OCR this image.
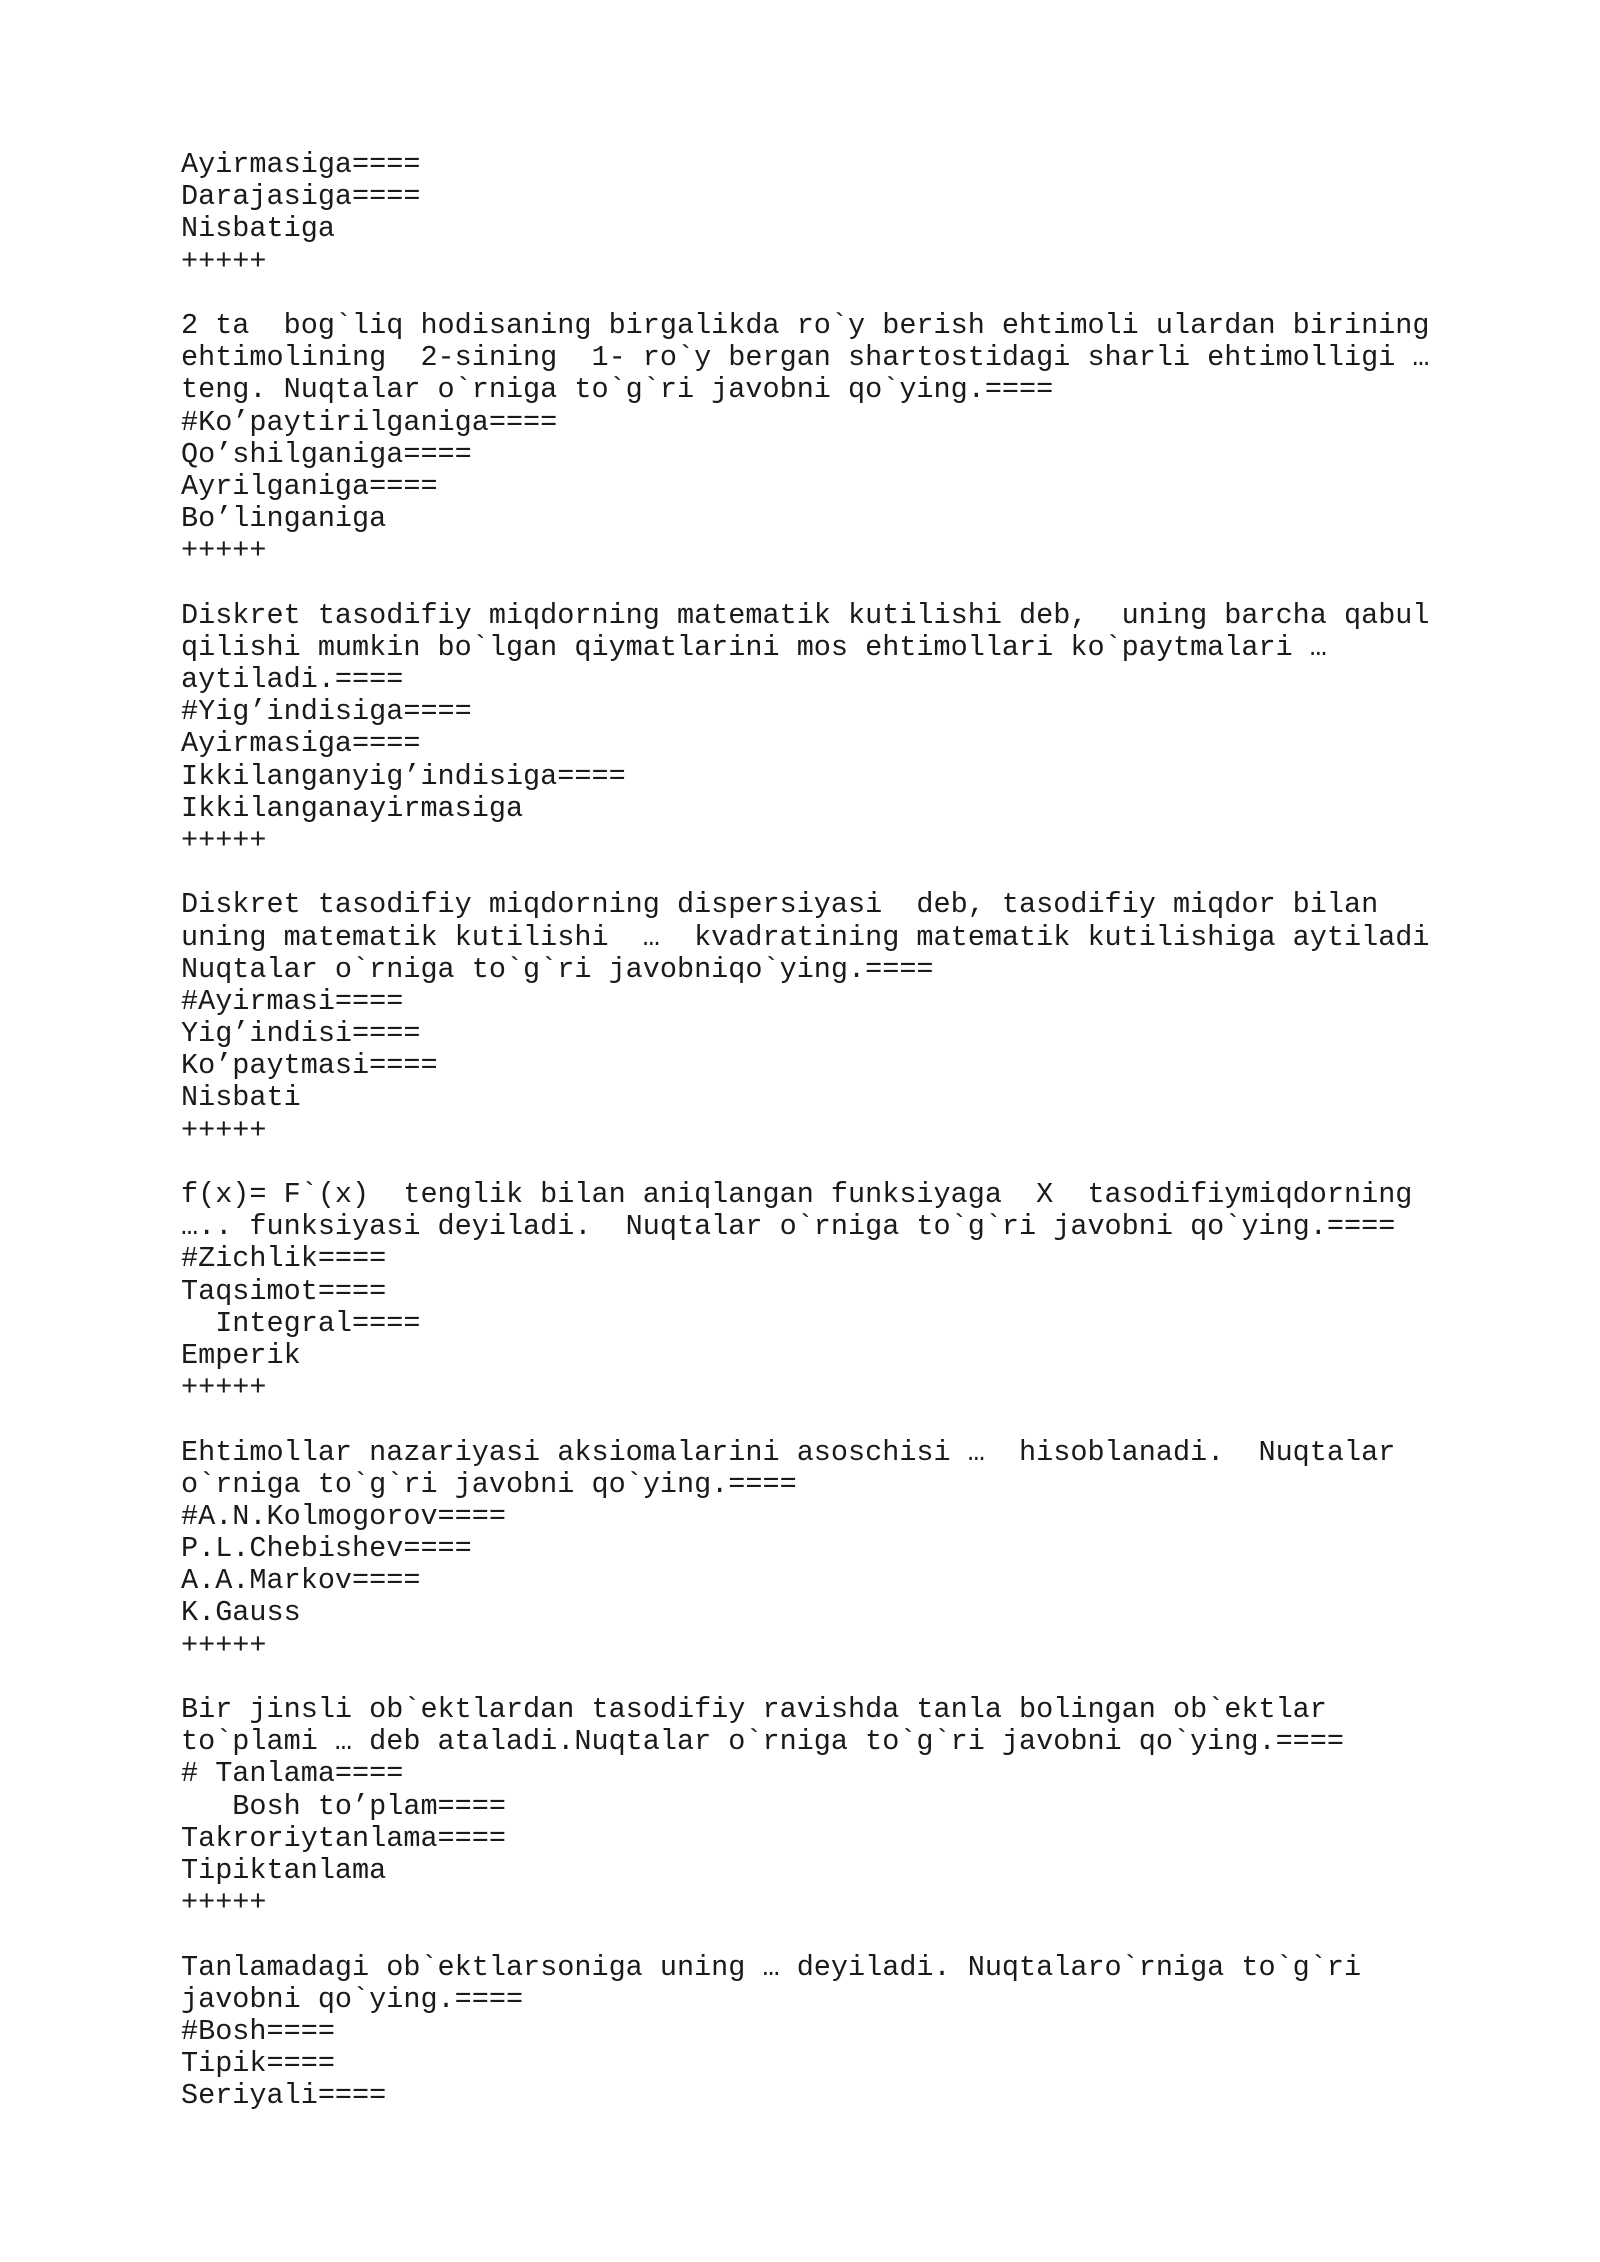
Ayirmasiga====
Darajasiga====
Nisbatiga
+++++
2 ta  bog`liq hodisaning birgalikda ro`y berish ehtimoli ulardan birining
ehtimolining  2-sining  1- ro`y bergan shartostidagi sharli ehtimolligi …
teng. Nuqtalar o`rniga to`g`ri javobni qo`ying.====
#Ko’paytirilganiga====
Qo’shilganiga====
Ayrilganiga====
Bo’linganiga
+++++
Diskret tasodifiy miqdorning matematik kutilishi deb,  uning barcha qabul
qilishi mumkin bo`lgan qiymatlarini mos ehtimollari ko`paytmalari …
aytiladi.====
#Yig’indisiga====
Ayirmasiga====
Ikkilanganyig’indisiga====
Ikkilanganayirmasiga
+++++
Diskret tasodifiy miqdorning dispersiyasi  deb, tasodifiy miqdor bilan
uning matematik kutilishi  …  kvadratining matematik kutilishiga aytiladi
Nuqtalar o`rniga to`g`ri javobniqo`ying.====
#Ayirmasi====
Yig’indisi====
Ko’paytmasi====
Nisbati
+++++
f(x)= F`(x)  tenglik bilan aniqlangan funksiyaga  X  tasodifiymiqdorning
….. funksiyasi deyiladi.  Nuqtalar o`rniga to`g`ri javobni qo`ying.====
#Zichlik====
Taqsimot====
Integral====
Emperik
+++++
Ehtimollar nazariyasi aksiomalarini asoschisi …  hisoblanadi.  Nuqtalar
o`rniga to`g`ri javobni qo`ying.====
#A.N.Kolmogorov====
P.L.Chebishev====
A.A.Markov====
K.Gauss
+++++
Bir jinsli ob`ektlardan tasodifiy ravishda tanla bolingan ob`ektlar
to`plami … deb ataladi.Nuqtalar o`rniga to`g`ri javobni qo`ying.====
# Tanlama====
Bosh to’plam====
Takroriytanlama====
Tipiktanlama
+++++
Tanlamadagi ob`ektlarsoniga uning … deyiladi. Nuqtalaro`rniga to`g`ri
javobni qo`ying.====
#Bosh====
Tipik====
Seriyali====
